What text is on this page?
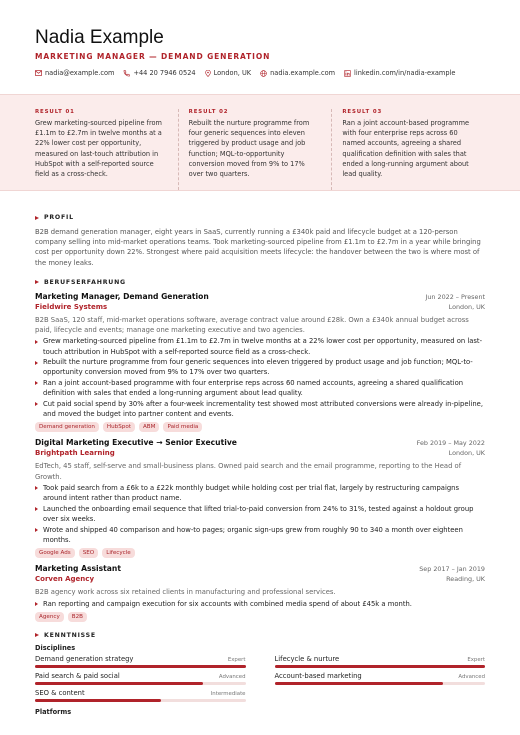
Nadia Example
MARKETING MANAGER — DEMAND GENERATION
nadia@example.com	+44 20 7946 0524	London, UK	nadia.example.com	linkedin.com/in/nadia-example
RESULT 01
Grew marketing-sourced pipeline from £1.1m to £2.7m in twelve months at a 22% lower cost per opportunity, measured on last-touch attribution in HubSpot with a self-reported source field as a cross-check.
RESULT 02
Rebuilt the nurture programme from four generic sequences into eleven triggered by product usage and job function; MQL-to-opportunity conversion moved from 9% to 17% over two quarters.
RESULT 03
Ran a joint account-based programme with four enterprise reps across 60 named accounts, agreeing a shared qualification definition with sales that ended a long-running argument about lead quality.
PROFIL
B2B demand generation manager, eight years in SaaS, currently running a £340k paid and lifecycle budget at a 120-person company selling into mid-market operations teams. Took marketing-sourced pipeline from £1.1m to £2.7m in a year while bringing cost per opportunity down 22%. Strongest where paid acquisition meets lifecycle: the handover between the two is where most of the money leaks.
BERUFSERFAHRUNG
Marketing Manager, Demand Generation	Jun 2022 – Present
Fieldwire Systems	London, UK
B2B SaaS, 120 staff, mid-market operations software, average contract value around £28k. Own a £340k annual budget across paid, lifecycle and events; manage one marketing executive and two agencies.
Grew marketing-sourced pipeline from £1.1m to £2.7m in twelve months at a 22% lower cost per opportunity, measured on last-touch attribution in HubSpot with a self-reported source field as a cross-check.
Rebuilt the nurture programme from four generic sequences into eleven triggered by product usage and job function; MQL-to-opportunity conversion moved from 9% to 17% over two quarters.
Ran a joint account-based programme with four enterprise reps across 60 named accounts, agreeing a shared qualification definition with sales that ended a long-running argument about lead quality.
Cut paid social spend by 30% after a four-week incrementality test showed most attributed conversions were already in-pipeline, and moved the budget into partner content and events.
Demand generation	HubSpot	ABM	Paid media
Digital Marketing Executive → Senior Executive	Feb 2019 – May 2022
Brightpath Learning	London, UK
EdTech, 45 staff, self-serve and small-business plans. Owned paid search and the email programme, reporting to the Head of Growth.
Took paid search from a £6k to a £22k monthly budget while holding cost per trial flat, largely by restructuring campaigns around intent rather than product name.
Launched the onboarding email sequence that lifted trial-to-paid conversion from 24% to 31%, tested against a holdout group over six weeks.
Wrote and shipped 40 comparison and how-to pages; organic sign-ups grew from roughly 90 to 340 a month over eighteen months.
Google Ads	SEO	Lifecycle
Marketing Assistant	Sep 2017 – Jan 2019
Corven Agency	Reading, UK
B2B agency work across six retained clients in manufacturing and professional services.
Ran reporting and campaign execution for six accounts with combined media spend of about £45k a month.
Agency	B2B
KENNTNISSE
Disciplines
Demand generation strategy	Expert	Lifecycle & nurture	Expert
Paid search & paid social	Advanced	Account-based marketing	Advanced
SEO & content	Intermediate
Platforms
